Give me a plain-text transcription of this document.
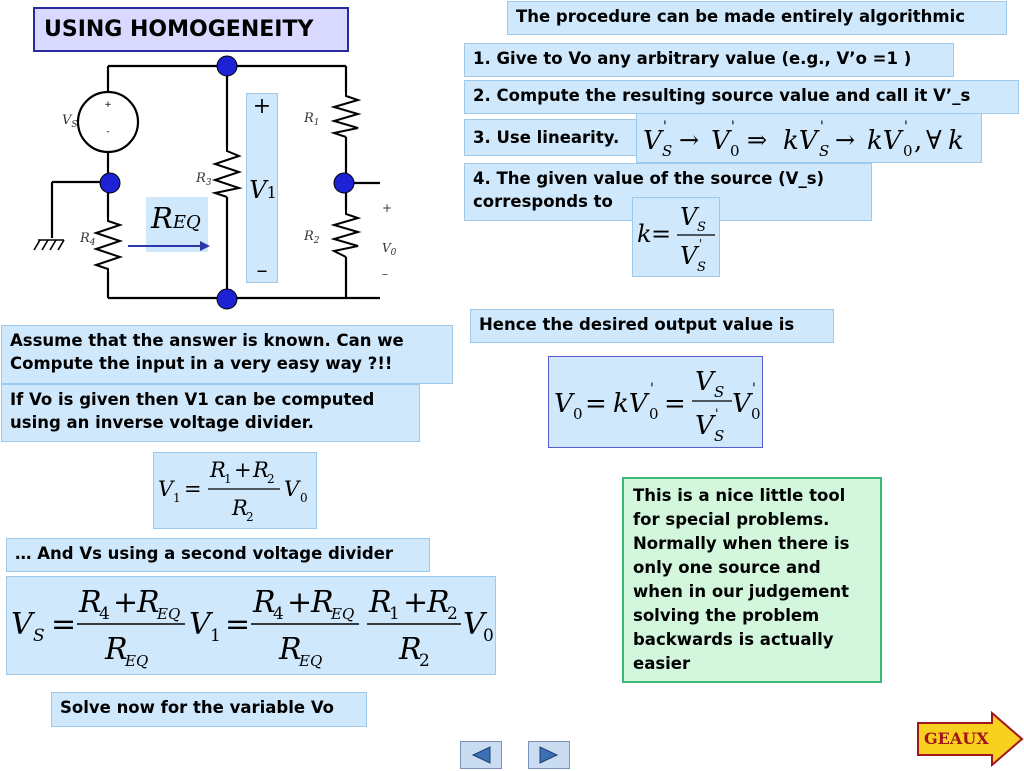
USING HOMOGENEITY
+
-
$V_S$
$R_4$
$R_3$
$R_1$
$R_2$
+
$V_0$
–
+
V1
–
REQ
The procedure can be made entirely algorithmic
1. Give to Vo any arbitrary value (e.g., V’o =1 )
2. Compute the resulting source value and call it V’_s
3. Use linearity. V S
' → V 0
' ⇒ kV S
' → kV 0
' , ∀ k
4. The given value of the source (V_s) corresponds to
k =
V S
V S
'
Hence the desired output value is
V 0 = kV 0
' =
V S
V S
' V 0
'
Assume that the answer is known. Can we Compute the input in a very easy way ?!!
If Vo is given then V1 can be computed using an inverse voltage divider.
V 1 =
R
1 + R
2
R
2
V 0
… And Vs using a second voltage divider
V S =
R
4 +
R
EQ
R
EQ
V 1 =
R
4 +
R
EQ
R
EQ
R
1 +
R
2
R
2
V
0
Solve now for the variable Vo
This is a nice little tool for special problems. Normally when there is only one source and when in our judgement solving the problem backwards is actually easier
GEAUX
